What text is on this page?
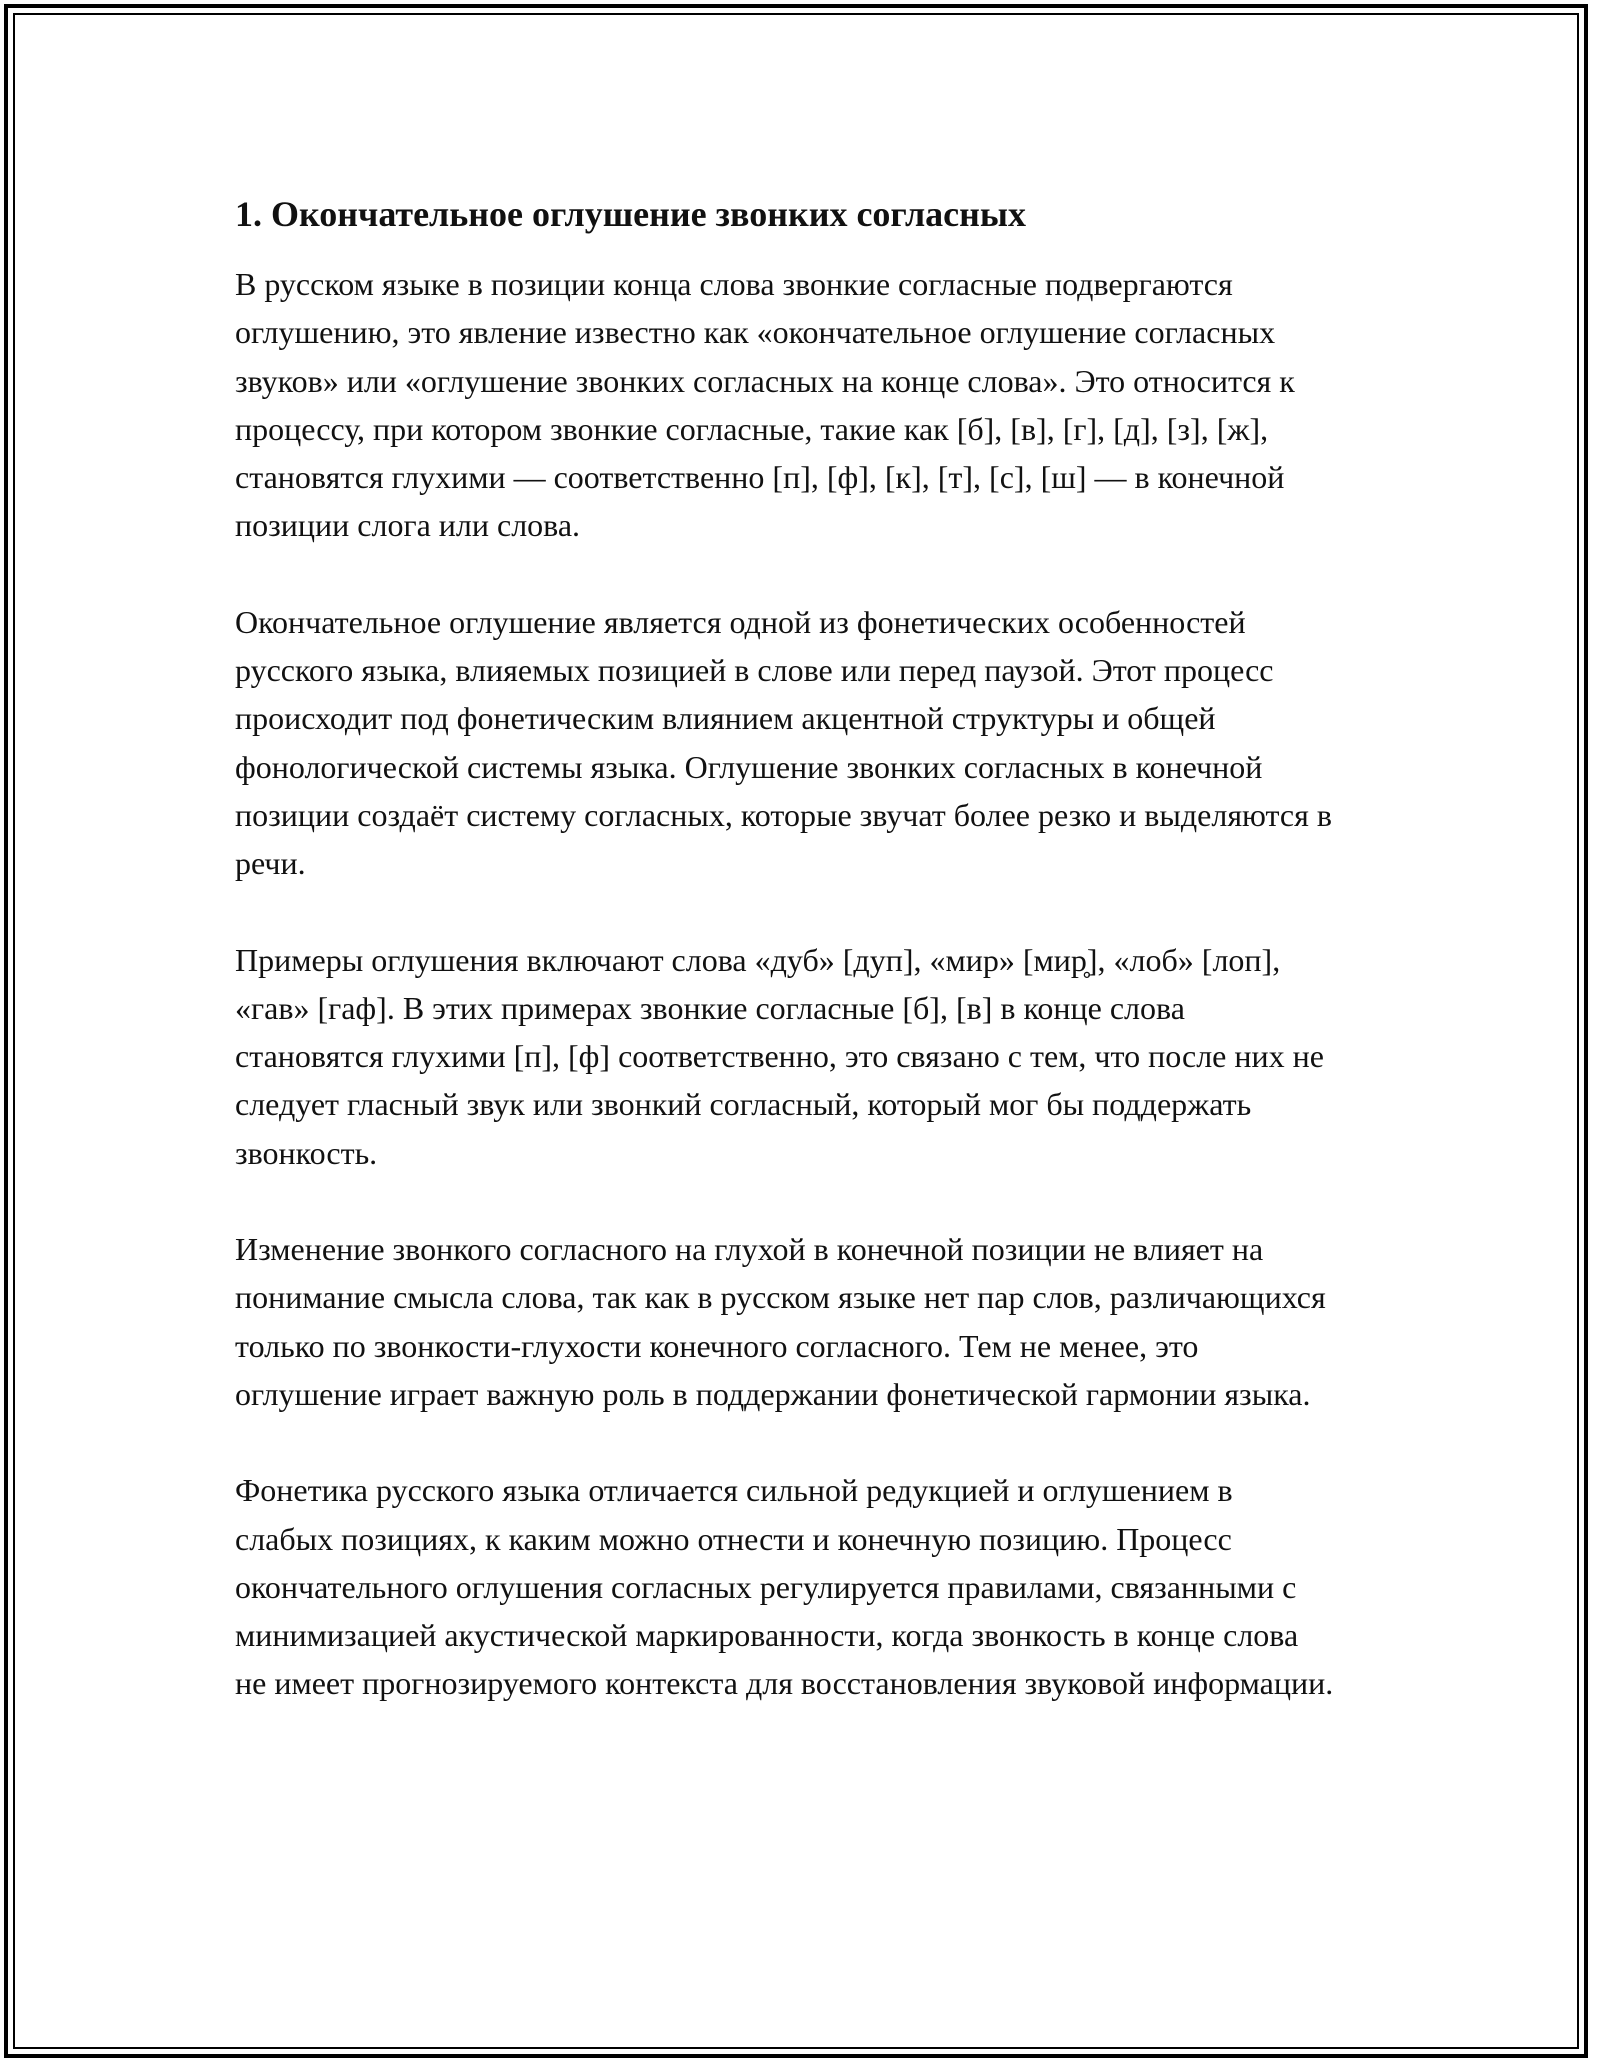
1. Окончательное оглушение звонких согласных

В русском языке в позиции конца слова звонкие согласные подвергаются оглушению, это явление известно как «окончательное оглушение согласных звуков» или «оглушение звонких согласных на конце слова». Это относится к процессу, при котором звонкие согласные, такие как [б], [в], [г], [д], [з], [ж], становятся глухими — соответственно [п], [ф], [к], [т], [с], [ш] — в конечной позиции слога или слова.

Окончательное оглушение является одной из фонетических особенностей русского языка, влияемых позицией в слове или перед паузой. Этот процесс происходит под фонетическим влиянием акцентной структуры и общей фонологической системы языка. Оглушение звонких согласных в конечной позиции создаёт систему согласных, которые звучат более резко и выделяются в речи.

Примеры оглушения включают слова «дуб» [дуп], «мир» [мир̥], «лоб» [лоп], «гав» [гаф]. В этих примерах звонкие согласные [б], [в] в конце слова становятся глухими [п], [ф] соответственно, это связано с тем, что после них не следует гласный звук или звонкий согласный, который мог бы поддержать звонкость.

Изменение звонкого согласного на глухой в конечной позиции не влияет на понимание смысла слова, так как в русском языке нет пар слов, различающихся только по звонкости-глухости конечного согласного. Тем не менее, это оглушение играет важную роль в поддержании фонетической гармонии языка.

Фонетика русского языка отличается сильной редукцией и оглушением в слабых позициях, к каким можно отнести и конечную позицию. Процесс окончательного оглушения согласных регулируется правилами, связанными с минимизацией акустической маркированности, когда звонкость в конце слова не имеет прогнозируемого контекста для восстановления звуковой информации.
